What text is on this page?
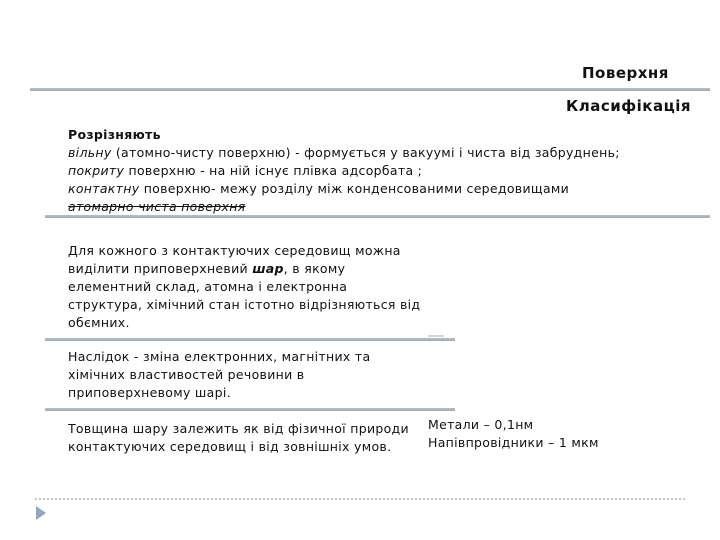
Поверхня
Класифікація
Розрізняють
вільну (атомно-чисту поверхню) - формується у вакуумі і чиста від забруднень;
покриту поверхню - на ній існує плівка адсорбата ;
контактну поверхню- межу розділу між конденсованими середовищами
атомарно чиста поверхня
Для кожного з контактуючих середовищ можна виділити приповерхневий шар, в якому елементний склад, атомна і електронна структура, хімічний стан істотно відрізняються від обємних.
Наслідок - зміна електронних, магнітних та хімічних властивостей речовини в приповерхневому шарі.
Товщина шару залежить як від фізичної природи контактуючих середовищ і від зовнішніх умов.
Метали – 0,1нм
Напівпровідники – 1 мкм
